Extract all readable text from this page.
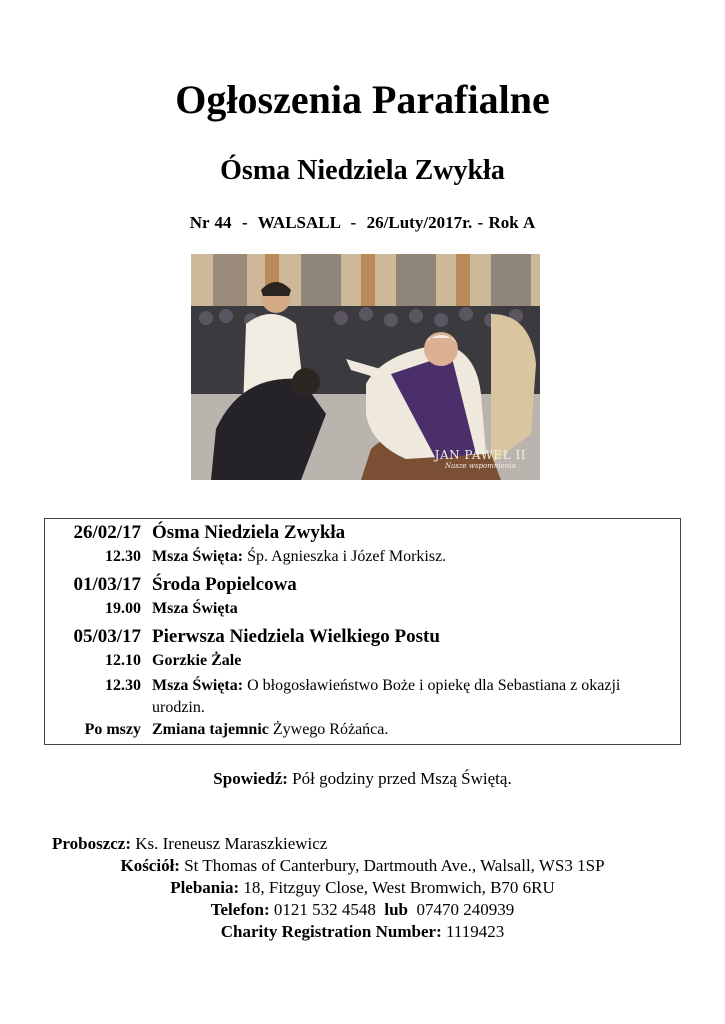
Ogłoszenia Parafialne
Ósma Niedziela Zwykła
Nr 44  -  WALSALL  -  26/Luty/2017r. - Rok A
JAN PAWEŁ II
Nasze wspomnienia
26/02/17	Ósma Niedziela Zwykła
12.30	Msza Święta: Śp. Agnieszka i Józef Morkisz.
01/03/17	Środa Popielcowa
19.00	Msza Święta
05/03/17	Pierwsza Niedziela Wielkiego Postu
12.10	Gorzkie Żale
12.30	Msza Święta: O błogosławieństwo Boże i opiekę dla Sebastiana z okazji urodzin.
Po mszy	Zmiana tajemnic Żywego Różańca.
Spowiedź: Pół godziny przed Mszą Świętą.
Proboszcz: Ks. Ireneusz Maraszkiewicz
Kościół: St Thomas of Canterbury, Dartmouth Ave., Walsall, WS3 1SP
Plebania: 18, Fitzguy Close, West Bromwich, B70 6RU
Telefon: 0121 532 4548  lub  07470 240939
Charity Registration Number: 1119423
